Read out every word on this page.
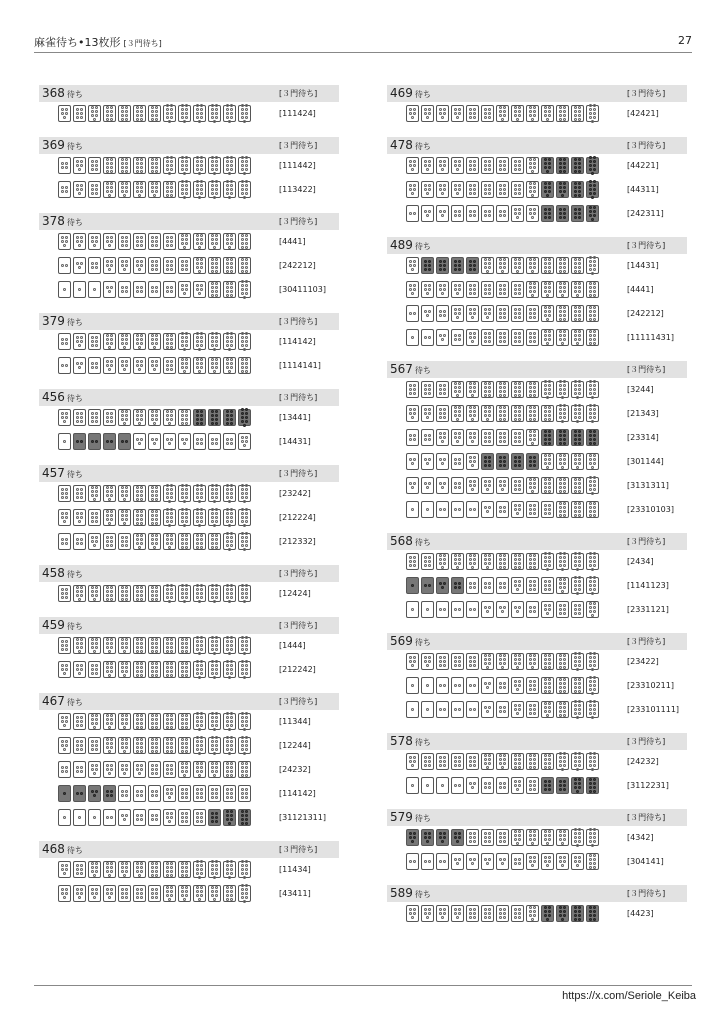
麻雀待ち•13枚形 [３門待ち]	27
368 待ち	[３門待ち]
[111424]
369 待ち	[３門待ち]
[111442]
[113422]
378 待ち	[３門待ち]
[4441]
[242212]
[30411103]
379 待ち	[３門待ち]
[114142]
[1114141]
456 待ち	[３門待ち]
[13441]
[14431]
457 待ち	[３門待ち]
[23242]
[212224]
[212332]
458 待ち	[３門待ち]
[12424]
459 待ち	[３門待ち]
[1444]
[212242]
467 待ち	[３門待ち]
[11344]
[12244]
[24232]
[114142]
[31121311]
468 待ち	[３門待ち]
[11434]
[43411]
469 待ち	[３門待ち]
[42421]
478 待ち	[３門待ち]
[44221]
[44311]
[242311]
489 待ち	[３門待ち]
[14431]
[4441]
[242212]
[11111431]
567 待ち	[３門待ち]
[3244]
[21343]
[23314]
[301144]
[3131311]
[23310103]
568 待ち	[３門待ち]
[2434]
[1141123]
[2331121]
569 待ち	[３門待ち]
[23422]
[23310211]
[233101111]
578 待ち	[３門待ち]
[24232]
[3112231]
579 待ち	[３門待ち]
[4342]
[304141]
589 待ち	[３門待ち]
[4423]
https://x.com/Seriole_Keiba
